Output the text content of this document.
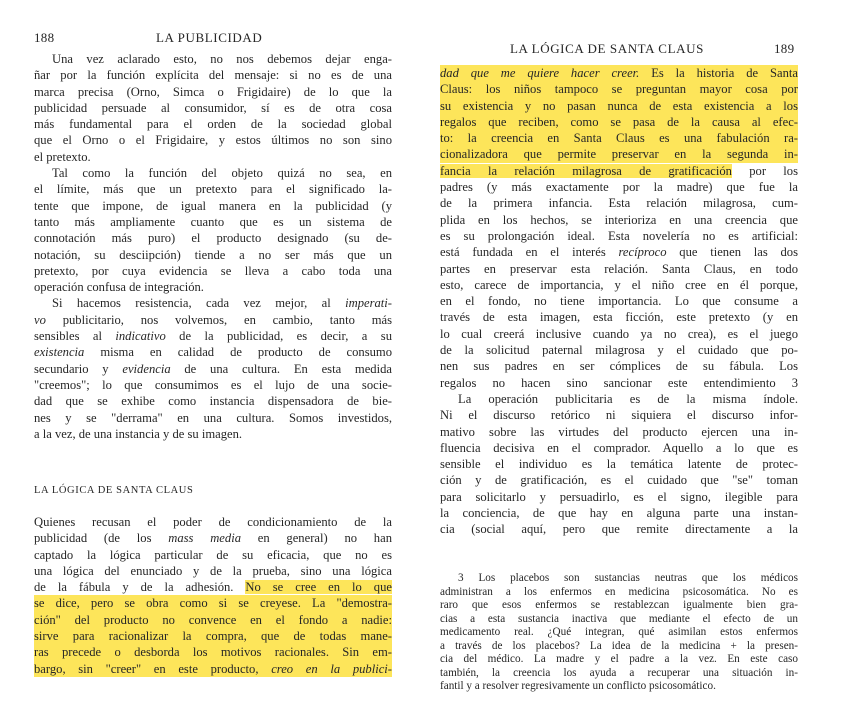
188	LA PUBLICIDAD
Una vez aclarado esto, no nos debemos dejar enga-
ñar por la función explícita del mensaje: si no es de una
marca precisa (Orno, Simca o Frigidaire) de lo que la
publicidad persuade al consumidor, sí es de otra cosa
más fundamental para el orden de la sociedad global
que el Orno o el Frigidaire, y estos últimos no son sino
el pretexto.
Tal como la función del objeto quizá no sea, en
el límite, más que un pretexto para el significado la-
tente que impone, de igual manera en la publicidad (y
tanto más ampliamente cuanto que es un sistema de
connotación más puro) el producto designado (su de-
notación, su desciipción) tiende a no ser más que un
pretexto, por cuya evidencia se lleva a cabo toda una
operación confusa de integración.
Si hacemos resistencia, cada vez mejor, al imperati-
vo publicitario, nos volvemos, en cambio, tanto más
sensibles al indicativo de la publicidad, es decir, a su
existencia misma en calidad de producto de consumo
secundario y evidencia de una cultura. En esta medida
"creemos"; lo que consumimos es el lujo de una socie-
dad que se exhibe como instancia dispensadora de bie-
nes y se "derrama" en una cultura. Somos investidos,
a la vez, de una instancia y de su imagen.
LA LÓGICA DE SANTA CLAUS
Quienes recusan el poder de condicionamiento de la
publicidad (de los mass media en general) no han
captado la lógica particular de su eficacia, que no es
una lógica del enunciado y de la prueba, sino una lógica
de la fábula y de la adhesión. No se cree en lo que
se dice, pero se obra como si se creyese. La "demostra-
ción" del producto no convence en el fondo a nadie:
sirve para racionalizar la compra, que de todas mane-
ras precede o desborda los motivos racionales. Sin em-
bargo, sin "creer" en este producto, creo en la publici-
LA LÓGICA DE SANTA CLAUS	189
dad que me quiere hacer creer. Es la historia de Santa
Claus: los niños tampoco se preguntan mayor cosa por
su existencia y no pasan nunca de esta existencia a los
regalos que reciben, como se pasa de la causa al efec-
to: la creencia en Santa Claus es una fabulación ra-
cionalizadora que permite preservar en la segunda in-
fancia la relación milagrosa de gratificación por los
padres (y más exactamente por la madre) que fue la
de la primera infancia. Esta relación milagrosa, cum-
plida en los hechos, se interioriza en una creencia que
es su prolongación ideal. Esta novelería no es artificial:
está fundada en el interés recíproco que tienen las dos
partes en preservar esta relación. Santa Claus, en todo
esto, carece de importancia, y el niño cree en él porque,
en el fondo, no tiene importancia. Lo que consume a
través de esta imagen, esta ficción, este pretexto (y en
lo cual creerá inclusive cuando ya no crea), es el juego
de la solicitud paternal milagrosa y el cuidado que po-
nen sus padres en ser cómplices de su fábula. Los
regalos no hacen sino sancionar este entendimiento 3
La operación publicitaria es de la misma índole.
Ni el discurso retórico ni siquiera el discurso infor-
mativo sobre las virtudes del producto ejercen una in-
fluencia decisiva en el comprador. Aquello a lo que es
sensible el individuo es la temática latente de protec-
ción y de gratificación, es el cuidado que "se" toman
para solicitarlo y persuadirlo, es el signo, ilegible para
la conciencia, de que hay en alguna parte una instan-
cia (social aquí, pero que remite directamente a la
3 Los placebos son sustancias neutras que los médicos
administran a los enfermos en medicina psicosomática. No es
raro que esos enfermos se restablezcan igualmente bien gra-
cias a esta sustancia inactiva que mediante el efecto de un
medicamento real. ¿Qué integran, qué asimilan estos enfermos
a través de los placebos? La idea de la medicina + la presen-
cia del médico. La madre y el padre a la vez. En este caso
también, la creencia los ayuda a recuperar una situación in-
fantil y a resolver regresivamente un conflicto psicosomático.
